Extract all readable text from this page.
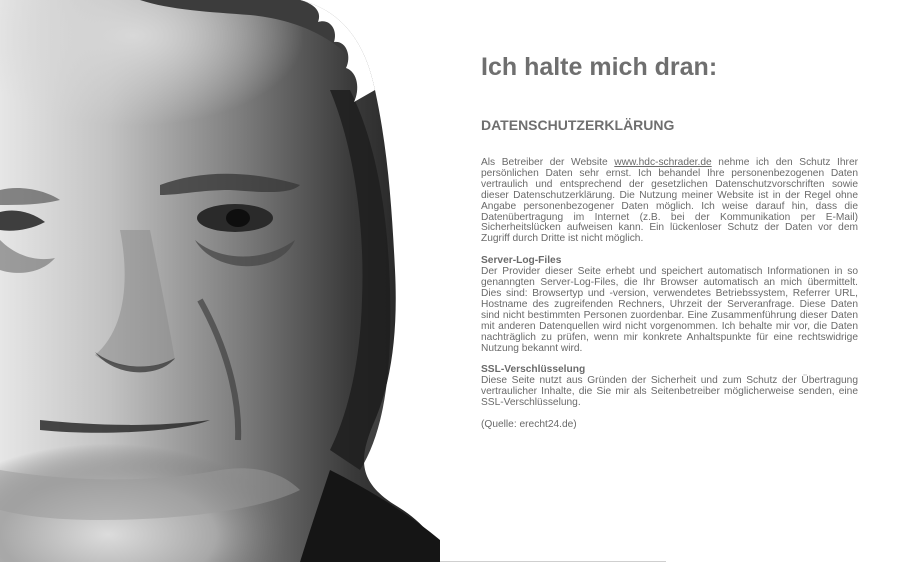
Ich halte mich dran:
DATENSCHUTZERKLÄRUNG
Als Betreiber der Website www.hdc-schrader.de nehme ich den Schutz Ihrer persönlichen Daten sehr ernst. Ich behandel Ihre personenbezogenen Daten vertraulich und entsprechend der gesetzlichen Datenschutzvorschriften sowie dieser Datenschutzerklärung. Die Nutzung meiner Website ist in der Regel ohne Angabe personenbezogener Daten möglich. Ich weise darauf hin, dass die Datenübertragung im Internet (z.B. bei der Kommunikation per E-Mail) Sicherheitslücken aufweisen kann. Ein lückenloser Schutz der Daten vor dem Zugriff durch Dritte ist nicht möglich.
Server-Log-Files
Der Provider dieser Seite erhebt und speichert automatisch Informationen in so genanngten Server-Log-Files, die Ihr Browser automatisch an mich übermittelt. Dies sind: Browsertyp und -version, verwendetes Betriebssystem, Referrer URL, Hostname des zugreifenden Rechners, Uhrzeit der Serveranfrage. Diese Daten sind nicht bestimmten Personen zuordenbar. Eine Zusammenführung dieser Daten mit anderen Datenquellen wird nicht vorgenommen. Ich behalte mir vor, die Daten nachträglich zu prüfen, wenn mir konkrete Anhaltspunkte für eine rechtswidrige Nutzung bekannt wird.
SSL-Verschlüsselung
Diese Seite nutzt aus Gründen der Sicherheit und zum Schutz der Übertragung vertraulicher Inhalte, die Sie mir als Seitenbetreiber möglicherweise senden, eine SSL-Verschlüsselung.
(Quelle: erecht24.de)
